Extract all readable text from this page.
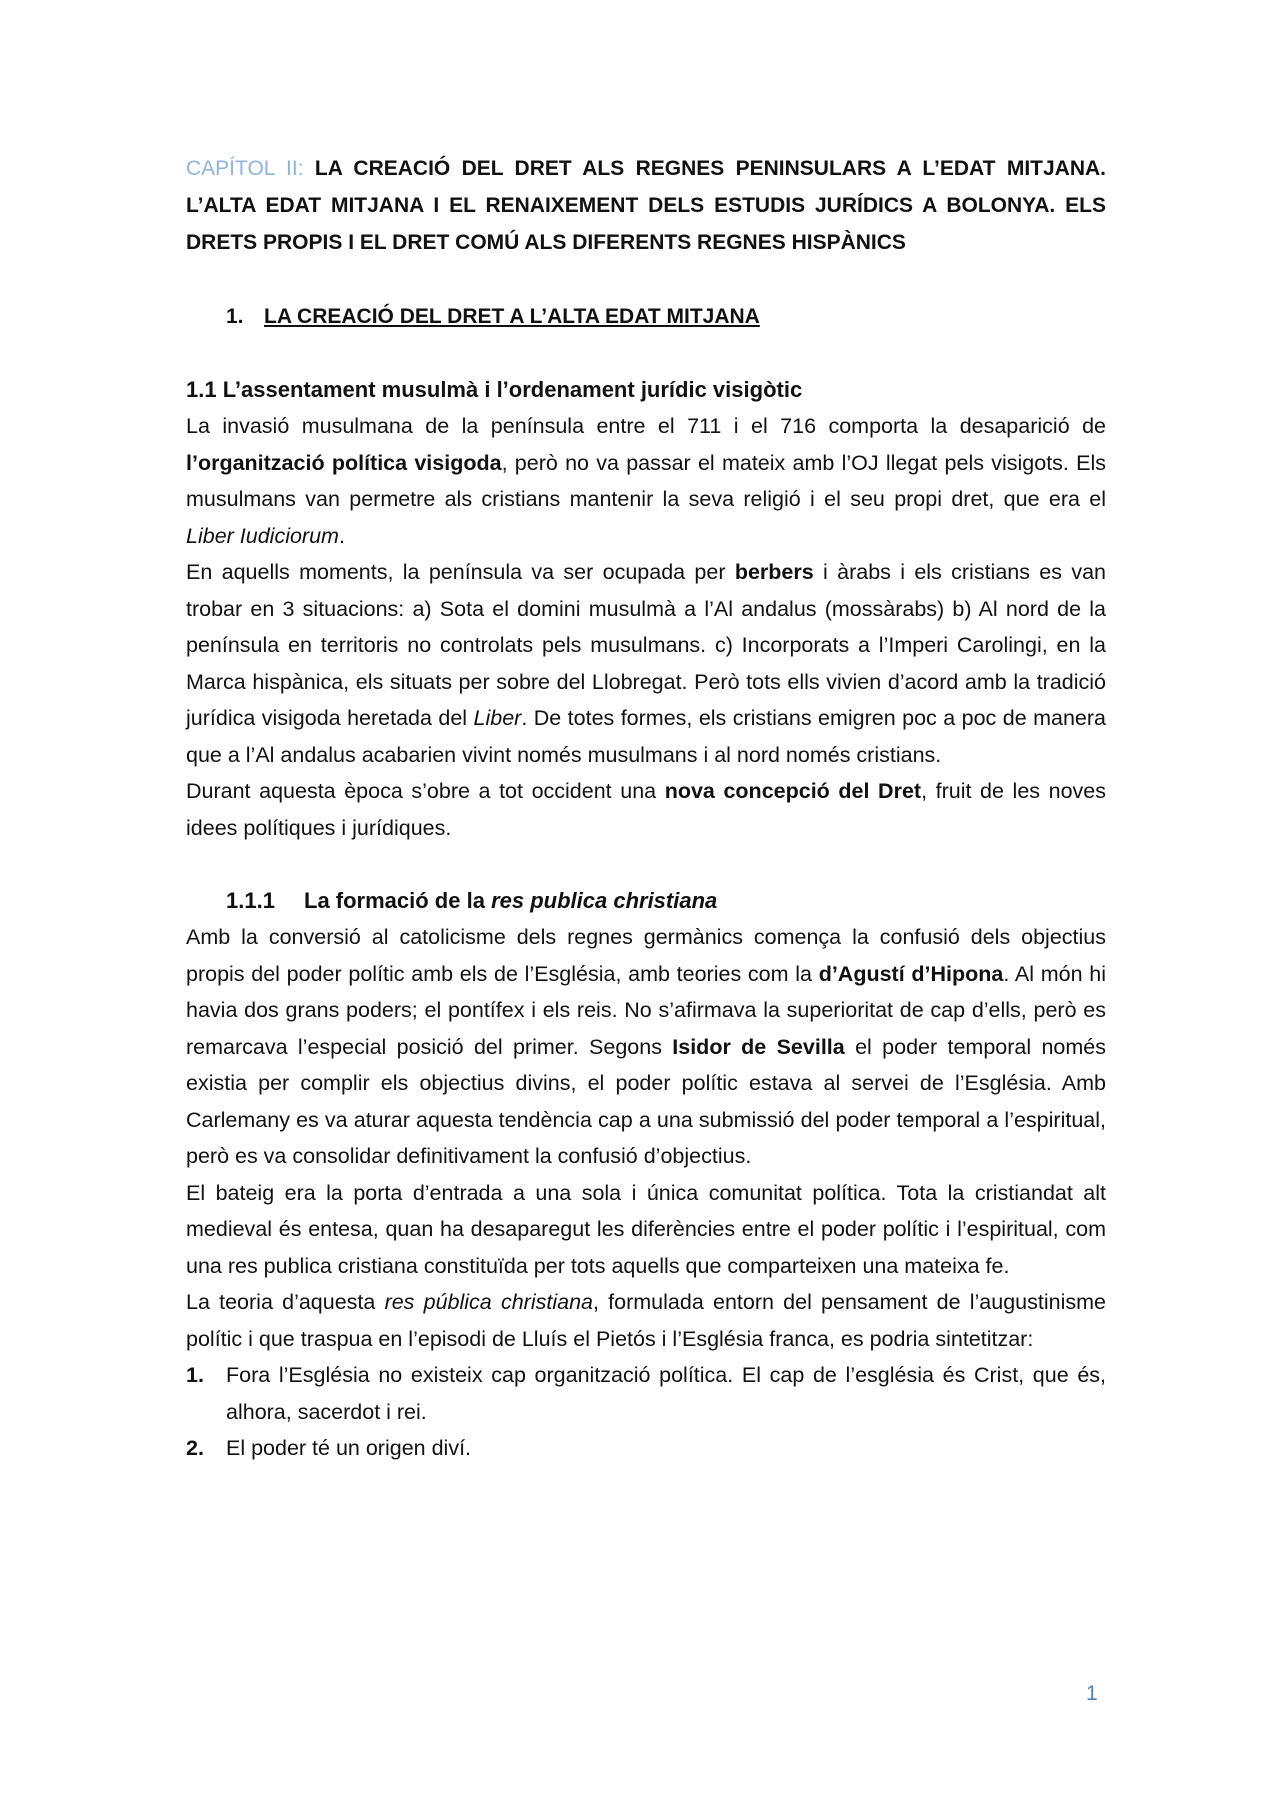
CAPÍTOL II: LA CREACIÓ DEL DRET ALS REGNES PENINSULARS A L’EDAT MITJANA. L’ALTA EDAT MITJANA I EL RENAIXEMENT DELS ESTUDIS JURÍDICS A BOLONYA. ELS DRETS PROPIS I EL DRET COMÚ ALS DIFERENTS REGNES HISPÀNICS

1. LA CREACIÓ DEL DRET A L’ALTA EDAT MITJANA
1.1 L’assentament musulmà i l’ordenament jurídic visigòtic

La invasió musulmana de la península entre el 711 i el 716 comporta la desaparició de l’organització política visigoda, però no va passar el mateix amb l’OJ llegat pels visigots. Els musulmans van permetre als cristians mantenir la seva religió i el seu propi dret, que era el Liber Iudiciorum.

En aquells moments, la península va ser ocupada per berbers i àrabs i els cristians es van trobar en 3 situacions: a) Sota el domini musulmà a l’Al andalus (mossàrabs) b) Al nord de la península en territoris no controlats pels musulmans. c) Incorporats a l’Imperi Carolingi, en la Marca hispànica, els situats per sobre del Llobregat. Però tots ells vivien d’acord amb la tradició jurídica visigoda heretada del Liber. De totes formes, els cristians emigren poc a poc de manera que a l’Al andalus acabarien vivint només musulmans i al nord només cristians.

Durant aquesta època s’obre a tot occident una nova concepció del Dret, fruit de les noves idees polítiques i jurídiques.

1.1.1 La formació de la res publica christiana

Amb la conversió al catolicisme dels regnes germànics comença la confusió dels objectius propis del poder polític amb els de l’Església, amb teories com la d’Agustí d’Hipona. Al món hi havia dos grans poders; el pontífex i els reis. No s’afirmava la superioritat de cap d’ells, però es remarcava l’especial posició del primer. Segons Isidor de Sevilla el poder temporal només existia per complir els objectius divins, el poder polític estava al servei de l’Església. Amb Carlemany es va aturar aquesta tendència cap a una submissió del poder temporal a l’espiritual, però es va consolidar definitivament la confusió d’objectius.

El bateig era la porta d’entrada a una sola i única comunitat política. Tota la cristiandat alt medieval és entesa, quan ha desaparegut les diferències entre el poder polític i l’espiritual, com una res publica cristiana constituïda per tots aquells que comparteixen una mateixa fe.

La teoria d’aquesta res pública christiana, formulada entorn del pensament de l’augustinisme polític i que traspua en l’episodi de Lluís el Pietós i l’Església franca, es podria sintetitzar:

1. Fora l’Església no existeix cap organització política. El cap de l’església és Crist, que és, alhora, sacerdot i rei.
2. El poder té un origen diví.
1
